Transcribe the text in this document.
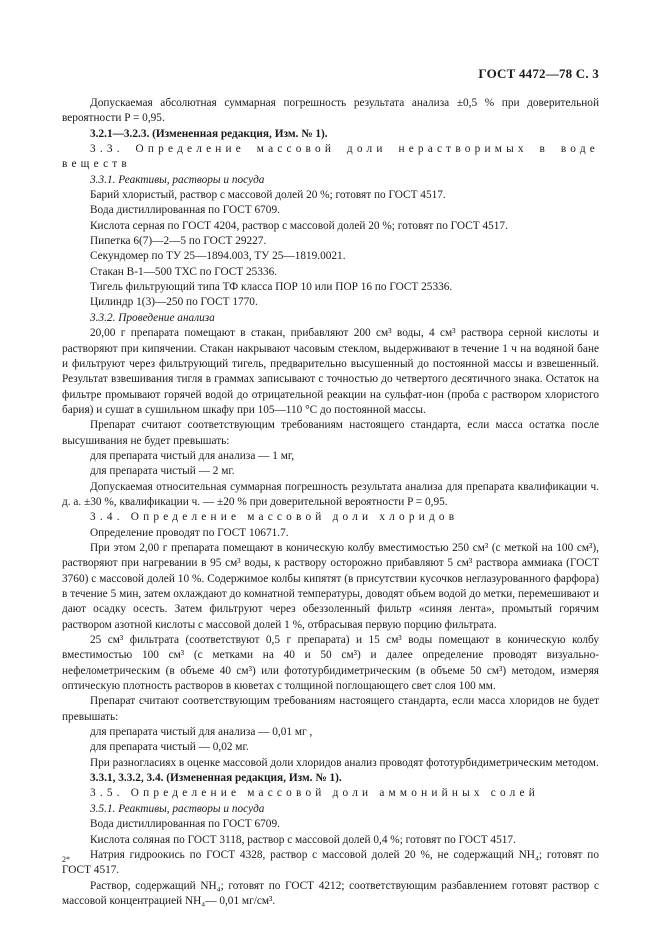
ГОСТ 4472—78 С. 3

Допускаемая абсолютная суммарная погрешность результата анализа ±0,5 % при доверительной вероятности P = 0,95.

3.2.1—3.2.3. (Измененная редакция, Изм. № 1).

3.3. Определение массовой доли нерастворимых в воде веществ

3.3.1. Реактивы, растворы и посуда

Барий хлористый, раствор с массовой долей 20 %; готовят по ГОСТ 4517.

Вода дистиллированная по ГОСТ 6709.

Кислота серная по ГОСТ 4204, раствор с массовой долей 20 %; готовят по ГОСТ 4517.

Пипетка 6(7)—2—5 по ГОСТ 29227.

Секундомер по ТУ 25—1894.003, ТУ 25—1819.0021.

Стакан В-1—500 ТХС по ГОСТ 25336.

Тигель фильтрующий типа ТФ класса ПОР 10 или ПОР 16 по ГОСТ 25336.

Цилиндр 1(3)—250 по ГОСТ 1770.

3.3.2. Проведение анализа

20,00 г препарата помещают в стакан, прибавляют 200 см³ воды, 4 см³ раствора серной кислоты и растворяют при кипячении. Стакан накрывают часовым стеклом, выдерживают в течение 1 ч на водяной бане и фильтруют через фильтрующий тигель, предварительно высушенный до постоянной массы и взвешенный. Результат взвешивания тигля в граммах записывают с точностью до четвертого десятичного знака. Остаток на фильтре промывают горячей водой до отрицательной реакции на сульфат-ион (проба с раствором хлористого бария) и сушат в сушильном шкафу при 105—110 °С до постоянной массы.

Препарат считают соответствующим требованиям настоящего стандарта, если масса остатка после высушивания не будет превышать:

для препарата чистый для анализа — 1 мг,

для препарата чистый — 2 мг.

Допускаемая относительная суммарная погрешность результата анализа для препарата квалификации ч. д. а. ±30 %, квалификации ч. — ±20 % при доверительной вероятности P = 0,95.

3.4. Определение массовой доли хлоридов

Определение проводят по ГОСТ 10671.7.

При этом 2,00 г препарата помещают в коническую колбу вместимостью 250 см³ (с меткой на 100 см³), растворяют при нагревании в 95 см³ воды, к раствору осторожно прибавляют 5 см³ раствора аммиака (ГОСТ 3760) с массовой долей 10 %. Содержимое колбы кипятят (в присутствии кусочков неглазурованного фарфора) в течение 5 мин, затем охлаждают до комнатной температуры, доводят объем водой до метки, перемешивают и дают осадку осесть. Затем фильтруют через обеззоленный фильтр «синяя лента», промытый горячим раствором азотной кислоты с массовой долей 1 %, отбрасывая первую порцию фильтрата.

25 см³ фильтрата (соответствуют 0,5 г препарата) и 15 см³ воды помещают в коническую колбу вместимостью 100 см³ (с метками на 40 и 50 см³) и далее определение проводят визуально-нефелометрическим (в объеме 40 см³) или фототурбидиметрическим (в объеме 50 см³) методом, измеряя оптическую плотность растворов в кюветах с толщиной поглощающего свет слоя 100 мм.

Препарат считают соответствующим требованиям настоящего стандарта, если масса хлоридов не будет превышать:

для препарата чистый для анализа — 0,01 мг ,

для препарата чистый — 0,02 мг.

При разногласиях в оценке массовой доли хлоридов анализ проводят фототурбидиметрическим методом.

3.3.1, 3.3.2, 3.4. (Измененная редакция, Изм. № 1).

3.5. Определение массовой доли аммонийных солей

3.5.1. Реактивы, растворы и посуда

Вода дистиллированная по ГОСТ 6709.

Кислота соляная по ГОСТ 3118, раствор с массовой долей 0,4 %; готовят по ГОСТ 4517.

Натрия гидроокись по ГОСТ 4328, раствор с массовой долей 20 %, не содержащий NH₄; готовят по ГОСТ 4517.

Раствор, содержащий NH₄; готовят по ГОСТ 4212; соответствующим разбавлением готовят раствор с массовой концентрацией NH₄— 0,01 мг/см³.

2*
